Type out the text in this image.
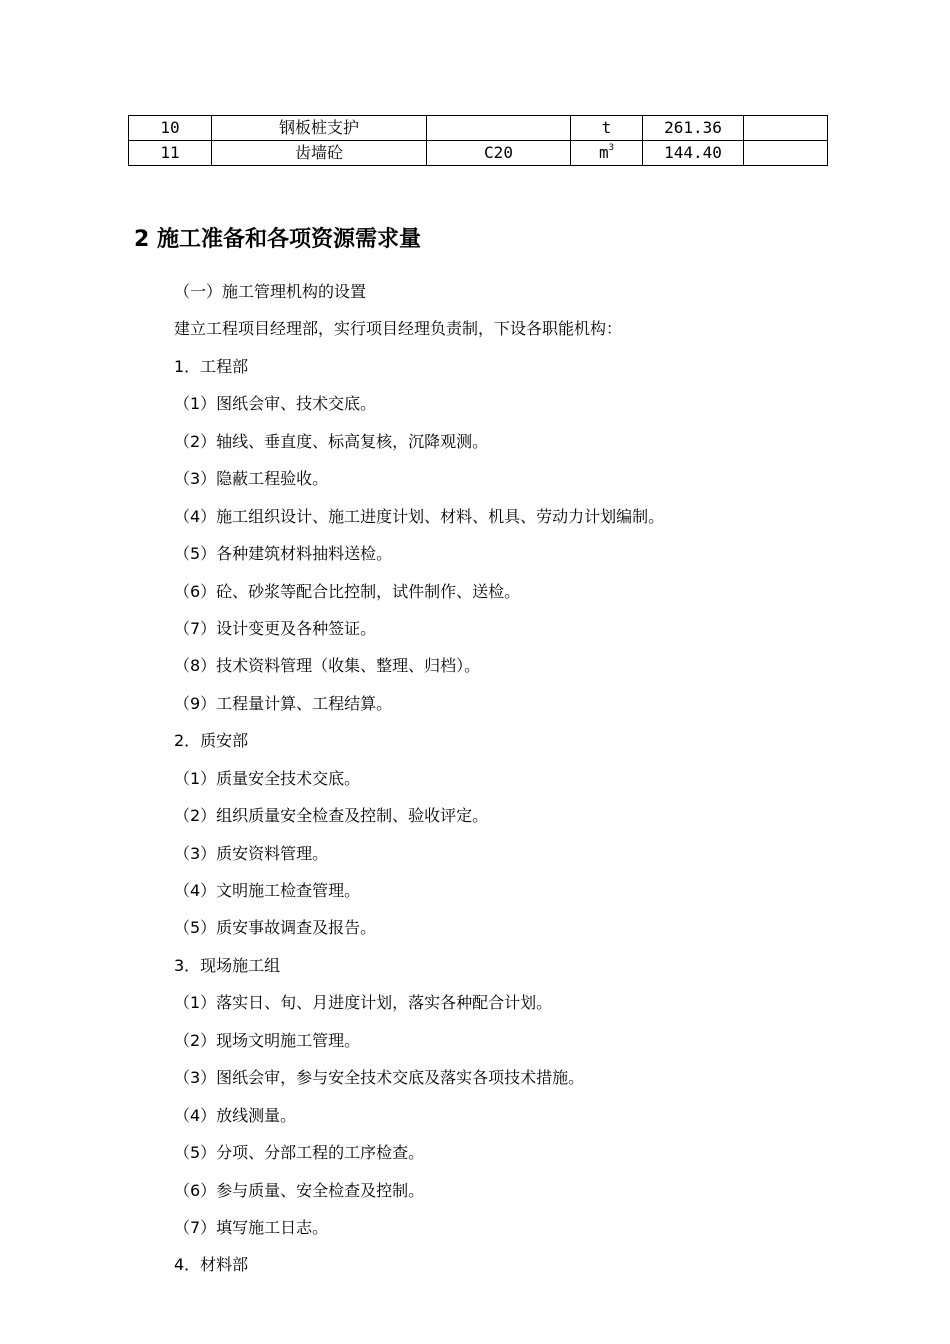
10	钢板桩支护		t	261.36	
11	齿墙砼	C20	$m^3$	144.40	
2 施工准备和各项资源需求量
（一）施工管理机构的设置
建立工程项目经理部，实行项目经理负责制，下设各职能机构：
1．工程部
（1）图纸会审、技术交底。
（2）轴线、垂直度、标高复核，沉降观测。
（3）隐蔽工程验收。
（4）施工组织设计、施工进度计划、材料、机具、劳动力计划编制。
（5）各种建筑材料抽料送检。
（6）砼、砂浆等配合比控制，试件制作、送检。
（7）设计变更及各种签证。
（8）技术资料管理（收集、整理、归档）。
（9）工程量计算、工程结算。
2．质安部
（1）质量安全技术交底。
（2）组织质量安全检查及控制、验收评定。
（3）质安资料管理。
（4）文明施工检查管理。
（5）质安事故调查及报告。
3．现场施工组
（1）落实日、旬、月进度计划，落实各种配合计划。
（2）现场文明施工管理。
（3）图纸会审，参与安全技术交底及落实各项技术措施。
（4）放线测量。
（5）分项、分部工程的工序检查。
（6）参与质量、安全检查及控制。
（7）填写施工日志。
4．材料部
